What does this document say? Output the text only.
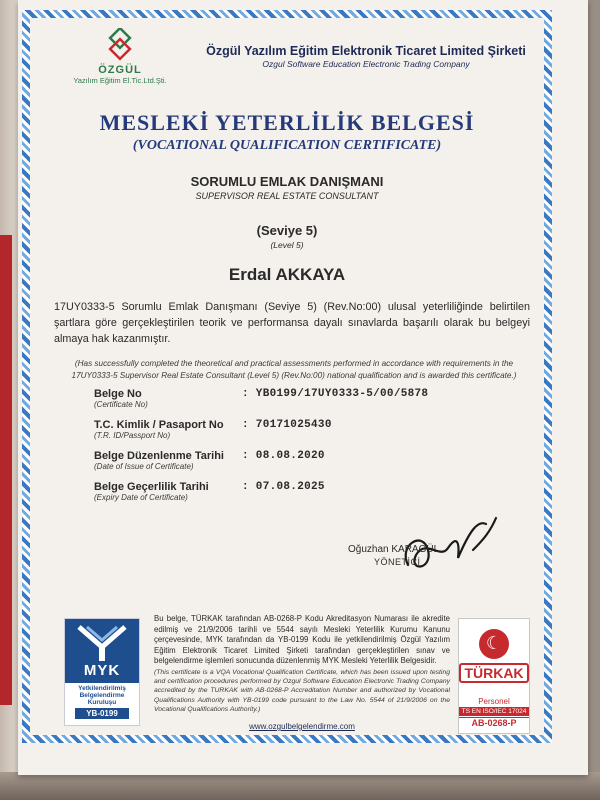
ÖZGÜL
Yazılım Eğitim El.Tic.Ltd.Şti.
Özgül Yazılım Eğitim Elektronik Ticaret Limited Şirketi
Ozgul Software Education Electronic Trading Company
MESLEKİ YETERLİLİK BELGESİ
(VOCATIONAL QUALIFICATION CERTIFICATE)
SORUMLU EMLAK DANIŞMANI
SUPERVISOR REAL ESTATE CONSULTANT
(Seviye 5)
(Level 5)
Erdal AKKAYA
17UY0333-5 Sorumlu Emlak Danışmanı (Seviye 5) (Rev.No:00) ulusal yeterliliğinde belirtilen şartlara göre gerçekleştirilen teorik ve performansa dayalı sınavlarda başarılı olarak bu belgeyi almaya hak kazanmıştır.
(Has successfully completed the theoretical and practical assessments performed in accordance with requirements in the 17UY0333-5 Supervisor Real Estate Consultant (Level 5) (Rev.No:00) national qualification and is awarded this certificate.)
Belge No
(Certificate No)
: YB0199/17UY0333-5/00/5878
T.C. Kimlik / Pasaport No
(T.R. ID/Passport No)
: 70171025430
Belge Düzenlenme Tarihi
(Date of Issue of Certificate)
: 08.08.2020
Belge Geçerlilik Tarihi
(Expiry Date of Certificate)
: 07.08.2025
Oğuzhan KARAGÜL
YÖNETİCİ
MYK
Yetkilendirilmiş
Belgelendirme Kuruluşu
YB-0199
Bu belge, TÜRKAK tarafından AB-0268-P Kodu Akreditasyon Numarası ile akredite edilmiş ve 21/9/2006 tarihli ve 5544 sayılı Mesleki Yeterlilik Kurumu Kanunu çerçevesinde, MYK tarafından da YB-0199 Kodu ile yetkilendirilmiş Özgül Yazılım Eğitim Elektronik Ticaret Limited Şirketi tarafından gerçekleştirilen sınav ve belgelendirme işlemleri sonucunda düzenlenmiş MYK Mesleki Yeterlilik Belgesidir.
(This certificate is a VQA Vocational Qualification Certificate, which has been issued upon testing and certification procedures performed by Ozgul Software Education Electronic Trading Company accredited by the TURKAK with AB-0268-P Accreditation Number and authorized by Vocational Qualifications Authority with YB-0199 code pursuant to the Law No. 5544 of 21/9/2006 on the Vocational Qualifications Authority.)
www.ozgulbelgelendirme.com
☾
TÜRKAK
Personel
TS EN ISO/IEC 17024
AB-0268-P
